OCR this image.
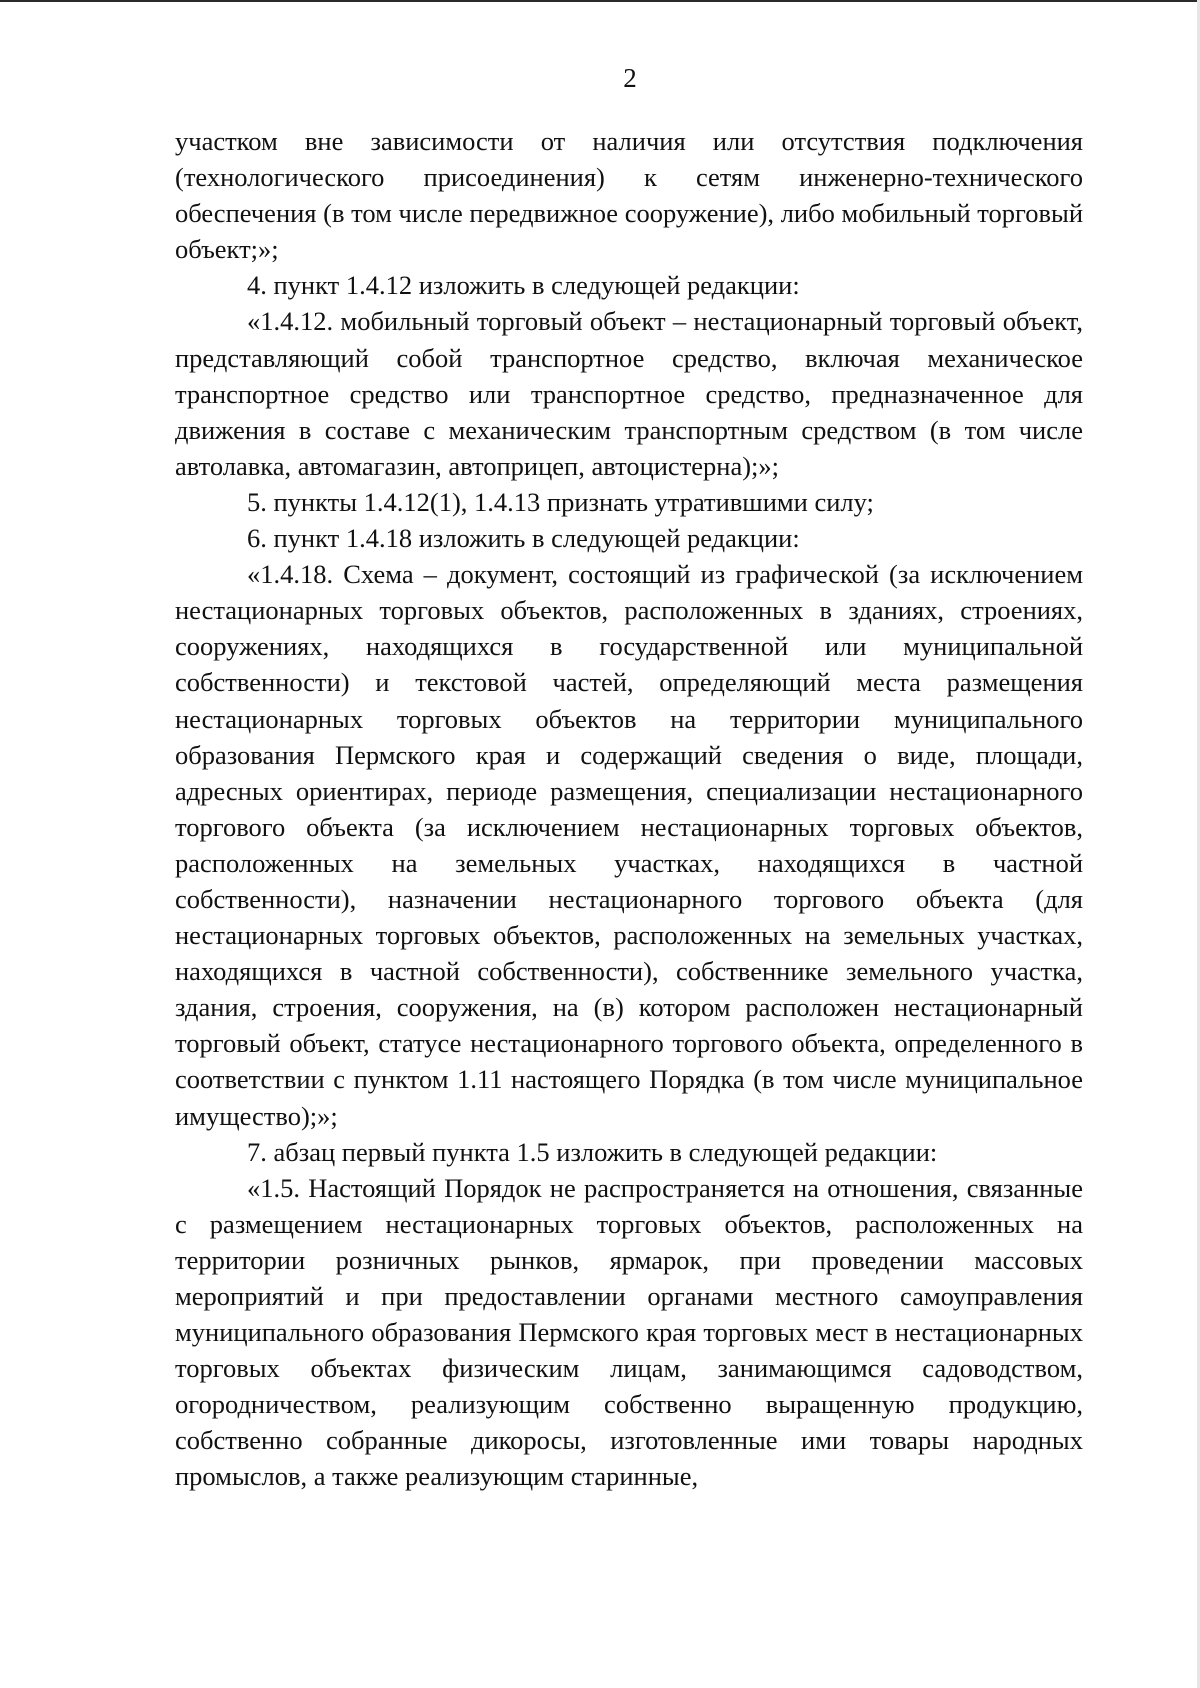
2

участком вне зависимости от наличия или отсутствия подключения (технологического присоединения) к сетям инженерно-технического обеспечения (в том числе передвижное сооружение), либо мобильный торговый объект;»;

4. пункт 1.4.12 изложить в следующей редакции:

«1.4.12. мобильный торговый объект – нестационарный торговый объект, представляющий собой транспортное средство, включая механическое транспортное средство или транспортное средство, предназначенное для движения в составе с механическим транспортным средством (в том числе автолавка, автомагазин, автоприцеп, автоцистерна);»;

5. пункты 1.4.12(1), 1.4.13 признать утратившими силу;

6. пункт 1.4.18 изложить в следующей редакции:

«1.4.18. Схема – документ, состоящий из графической (за исключением нестационарных торговых объектов, расположенных в зданиях, строениях, сооружениях, находящихся в государственной или муниципальной собственности) и текстовой частей, определяющий места размещения нестационарных торговых объектов на территории муниципального образования Пермского края и содержащий сведения о виде, площади, адресных ориентирах, периоде размещения, специализации нестационарного торгового объекта (за исключением нестационарных торговых объектов, расположенных на земельных участках, находящихся в частной собственности), назначении нестационарного торгового объекта (для нестационарных торговых объектов, расположенных на земельных участках, находящихся в частной собственности), собственнике земельного участка, здания, строения, сооружения, на (в) котором расположен нестационарный торговый объект, статусе нестационарного торгового объекта, определенного в соответствии с пунктом 1.11 настоящего Порядка (в том числе муниципальное имущество);»;

7. абзац первый пункта 1.5 изложить в следующей редакции:

«1.5. Настоящий Порядок не распространяется на отношения, связанные с размещением нестационарных торговых объектов, расположенных на территории розничных рынков, ярмарок, при проведении массовых мероприятий и при предоставлении органами местного самоуправления муниципального образования Пермского края торговых мест в нестационарных торговых объектах физическим лицам, занимающимся садоводством, огородничеством, реализующим собственно выращенную продукцию, собственно собранные дикоросы, изготовленные ими товары народных промыслов, а также реализующим старинные,
